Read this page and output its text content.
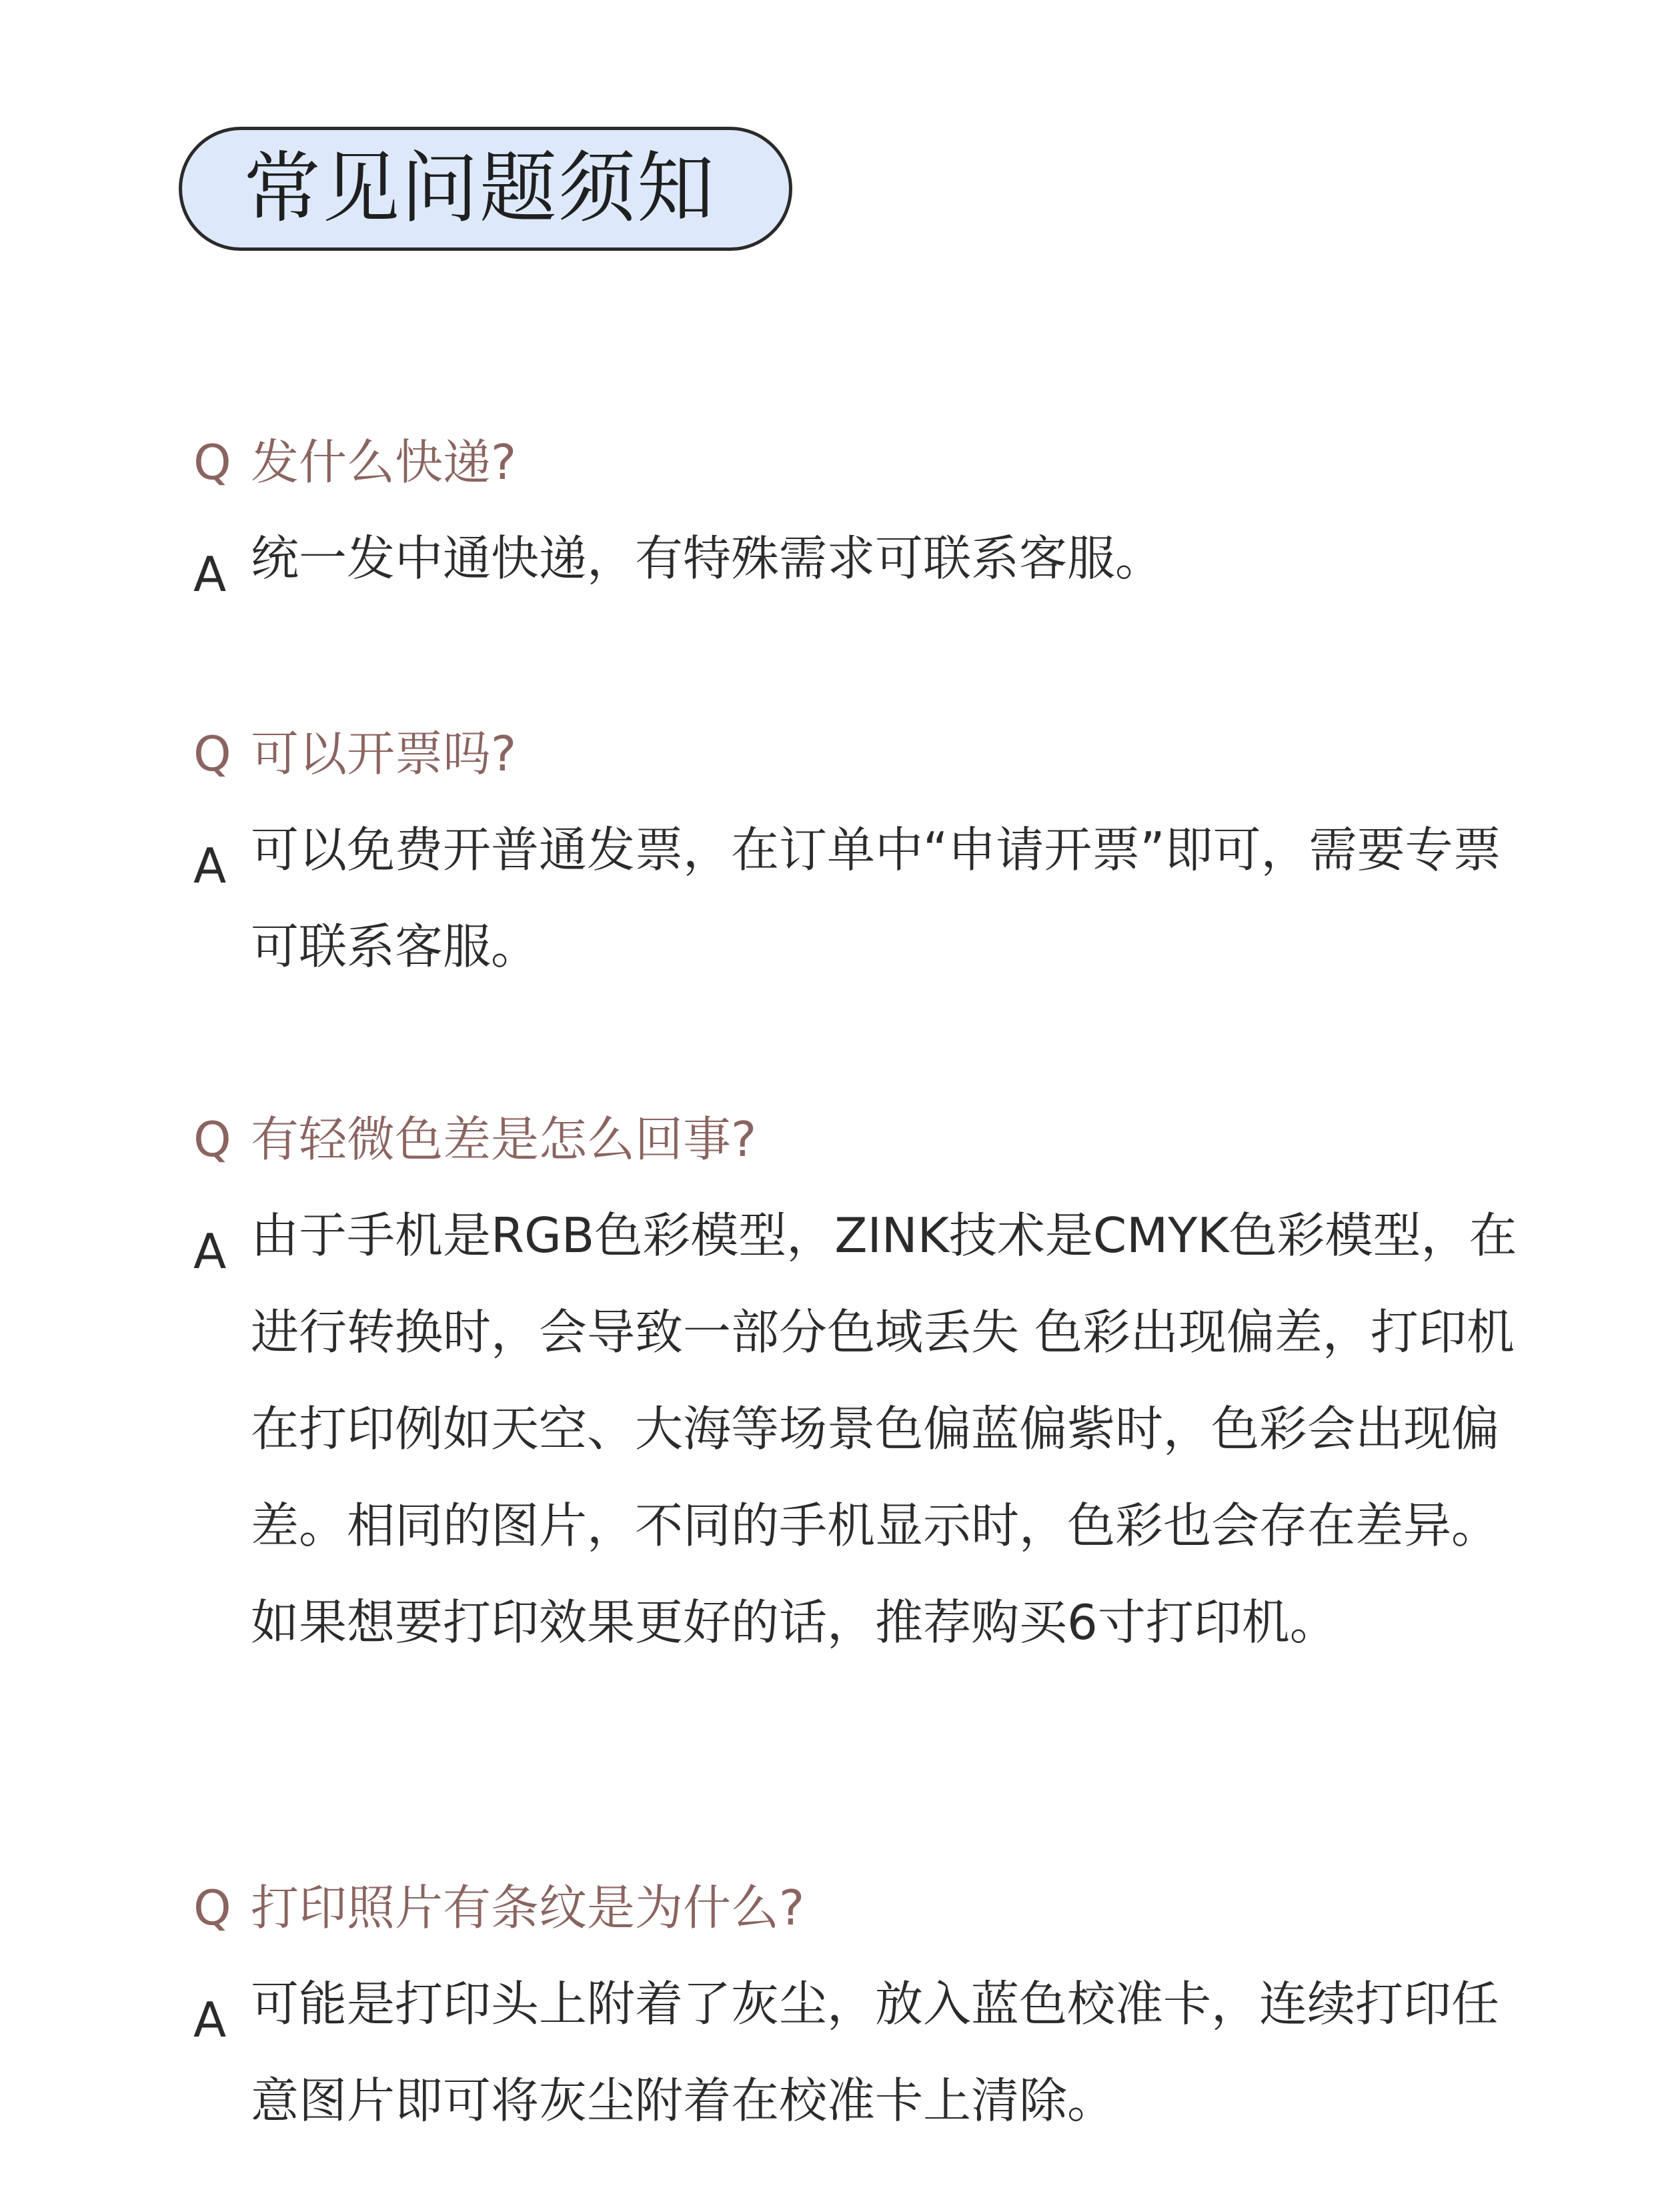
常见问题须知
Q 发什么快递?
A 统一发中通快递，有特殊需求可联系客服。
Q 可以开票吗?
A 可以免费开普通发票，在订单中“申请开票”即可，需要专票可联系客服。
Q 有轻微色差是怎么回事?
A 由于手机是RGB色彩模型，ZINK技术是CMYK色彩模型，在进行转换时，会导致一部分色域丢失 色彩出现偏差，打印机在打印例如天空、大海等场景色偏蓝偏紫时，色彩会出现偏差。相同的图片，不同的手机显示时，色彩也会存在差异。如果想要打印效果更好的话，推荐购买6寸打印机。
Q 打印照片有条纹是为什么?
A 可能是打印头上附着了灰尘，放入蓝色校准卡，连续打印任意图片即可将灰尘附着在校准卡上清除。
